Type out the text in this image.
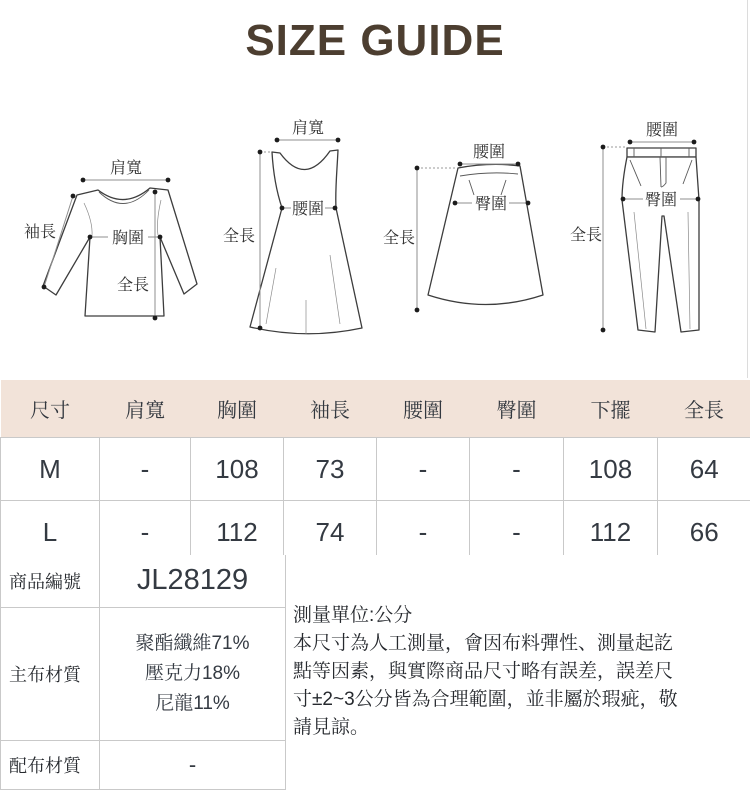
SIZE GUIDE
肩寬
袖長	胸圍
全長
肩寬
腰圍
全長
腰圍
臀圍
全長
腰圍
臀圍
全長
尺寸	肩寬	胸圍	袖長	腰圍	臀圍	下擺	全長
M	-	108	73	-	-	108	64
L	-	112	74	-	-	112	66
商品編號	JL28129	測量單位:公分
本尺寸為人工測量，會因布料彈性、測量起訖
點等因素，與實際商品尺寸略有誤差，誤差尺
寸±2~3公分皆為合理範圍，並非屬於瑕疵，敬
請見諒。

主布材質	聚酯纖維71%
壓克力18%
尼龍11%	

配布材質	-	
